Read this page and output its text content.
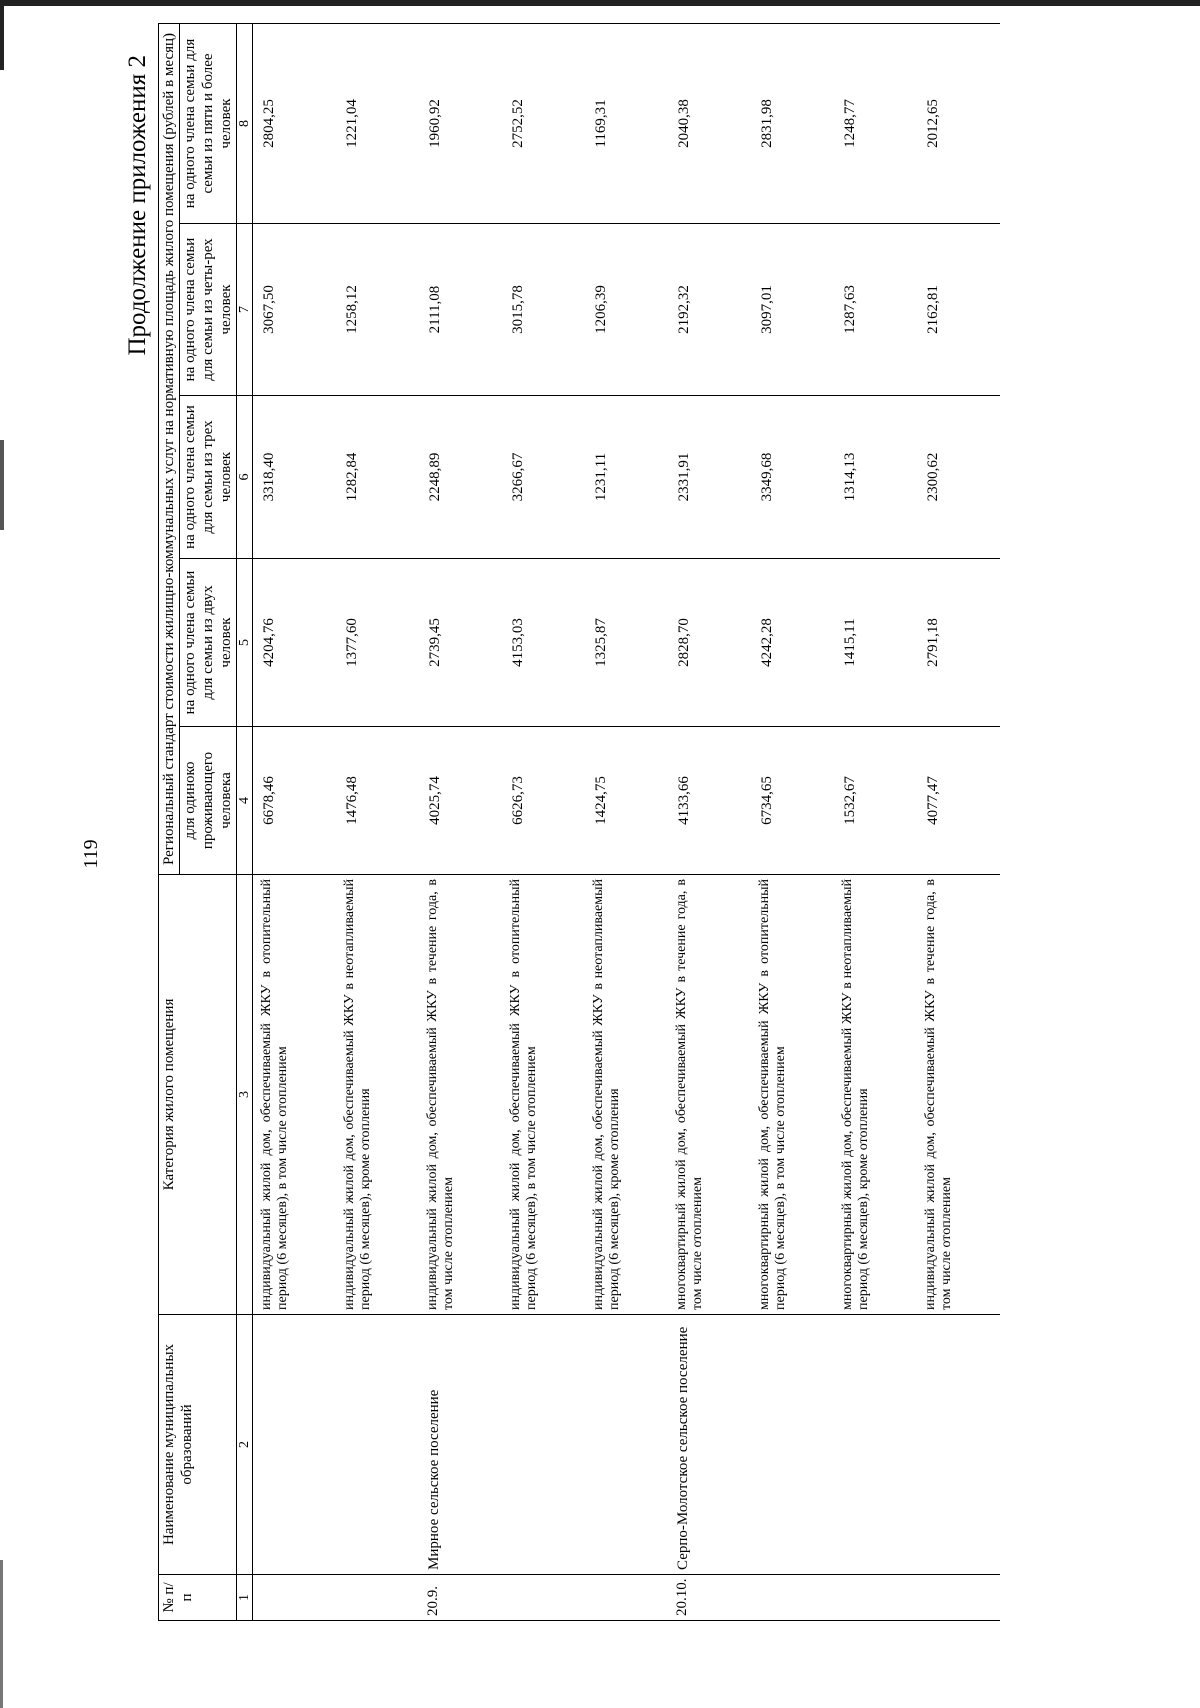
119
Продолжение приложения 2
№ п/п	Наименование муниципальных образований	Категория жилого помещения	Региональный стандарт стоимости жилищно-коммунальных услуг на нормативную площадь жилого помещения (рублей в месяц)				
			для одиноко проживающего человека	на одного члена семьи для семьи из двух человек	на одного члена семьи для семьи из трех человек	на одного члена семьи для семьи из четы-рех человек	на одного члена семьи для семьи из пяти и более человек
1	2	3	4	5	6	7	8
		индивидуальный жилой дом, обеспечиваемый ЖКУ в отопительный период (6 месяцев), в том числе отоплением	6678,46	4204,76	3318,40	3067,50	2804,25
		индивидуальный жилой дом, обеспечиваемый ЖКУ в неотапливаемый период (6 месяцев), кроме отопления	1476,48	1377,60	1282,84	1258,12	1221,04
20.9.	Мирное сельское поселение	индивидуальный жилой дом, обеспечиваемый ЖКУ в течение года, в том числе отоплением	4025,74	2739,45	2248,89	2111,08	1960,92
		индивидуальный жилой дом, обеспечиваемый ЖКУ в отопительный период (6 месяцев), в том числе отоплением	6626,73	4153,03	3266,67	3015,78	2752,52
		индивидуальный жилой дом, обеспечиваемый ЖКУ в неотапливаемый период (6 месяцев), кроме отопления	1424,75	1325,87	1231,11	1206,39	1169,31
20.10.	Серпо-Молотское сельское поселение	многоквартирный жилой дом, обеспечиваемый ЖКУ в течение года, в том числе отоплением	4133,66	2828,70	2331,91	2192,32	2040,38
		многоквартирный жилой дом, обеспечиваемый ЖКУ в отопительный период (6 месяцев), в том числе отоплением	6734,65	4242,28	3349,68	3097,01	2831,98
		многоквартирный жилой дом, обеспечиваемый ЖКУ в неотапливаемый период (6 месяцев), кроме отопления	1532,67	1415,11	1314,13	1287,63	1248,77
		индивидуальный жилой дом, обеспечиваемый ЖКУ в течение года, в том числе отоплением	4077,47	2791,18	2300,62	2162,81	2012,65
